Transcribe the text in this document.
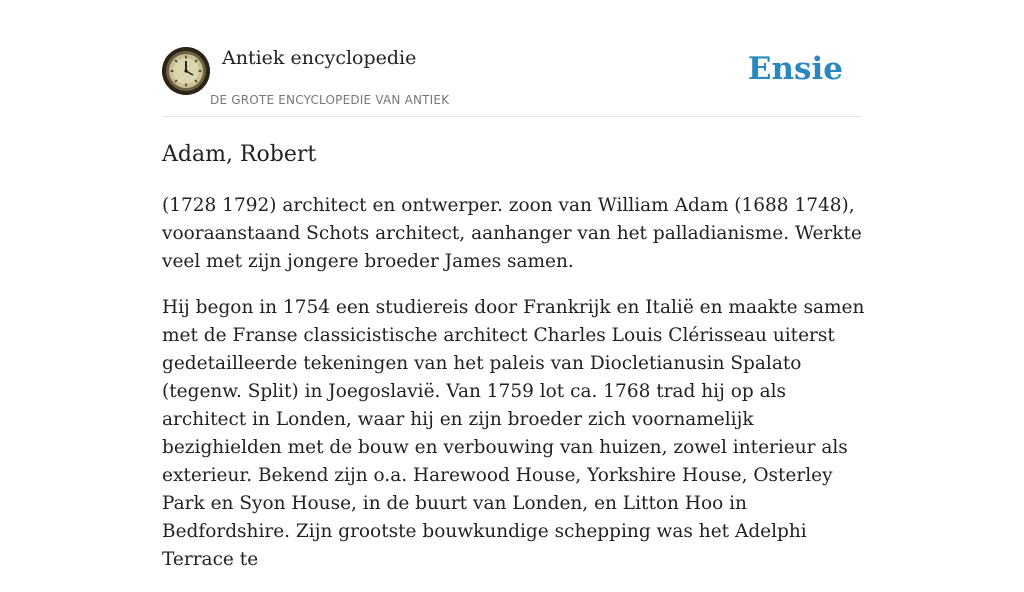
Antiek encyclopedie
DE GROTE ENCYCLOPEDIE VAN ANTIEK
Ensie
Adam, Robert

(1728 1792) architect en ontwerper. zoon van William Adam (1688 1748), vooraanstaand Schots architect, aanhanger van het palladianisme. Werkte veel met zijn jongere broeder James samen.

Hij begon in 1754 een studiereis door Frankrijk en Italië en maakte samen met de Franse classicistische architect Charles Louis Clérisseau uiterst gedetailleerde tekeningen van het paleis van Diocletianusin Spalato (tegenw. Split) in Joegoslavië. Van 1759 lot ca. 1768 trad hij op als architect in Londen, waar hij en zijn broeder zich voornamelijk bezighielden met de bouw en verbouwing van huizen, zowel interieur als exterieur. Bekend zijn o.a. Harewood House, Yorkshire House, Osterley Park en Syon House, in de buurt van Londen, en Litton Hoo in Bedfordshire. Zijn grootste bouwkundige schepping was het Adelphi Terrace te
